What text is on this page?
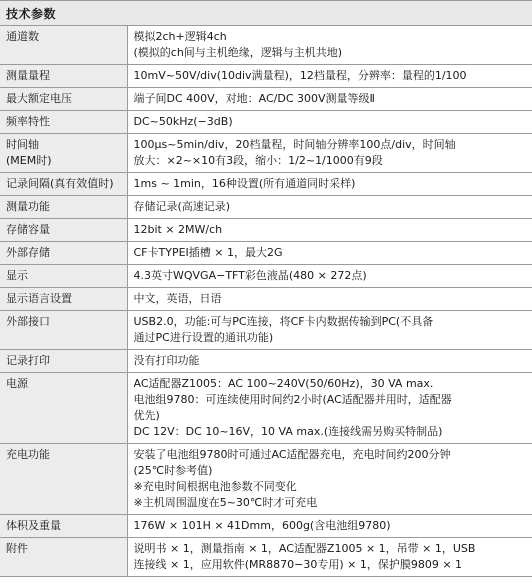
技术参数
通道数	模拟2ch+逻辑4ch
(模拟的ch间与主机绝缘，逻辑与主机共地)

测量量程	10mV~50V/div(10div满量程)，12档量程，分辨率：量程的1/100

最大额定电压	端子间DC 400V，对地：AC/DC 300V测量等级Ⅱ

频率特性	DC~50kHz(−3dB)

时间轴
(MEM时)	100μs~5min/div，20档量程，时间轴分辨率100点/div，时间轴
放大：×2~×10有3段，缩小：1/2~1/1000有9段

记录间隔(真有效值时)	1ms ~ 1min，16种设置(所有通道同时采样)

测量功能	存储记录(高速记录)

存储容量	12bit × 2MW/ch

外部存储	CF卡TYPEⅠ插槽 × 1，最大2G

显示	4.3英寸WQVGA−TFT彩色液晶(480 × 272点)

显示语言设置	中文，英语，日语

外部接口	USB2.0，功能:可与PC连接，将CF卡内数据传输到PC(不具备
通过PC进行设置的通讯功能)

记录打印	没有打印功能

电源	AC适配器Z1005：AC 100~240V(50/60Hz)，30 VA max.
电池组9780：可连续使用时间约2小时(AC适配器并用时，适配器
优先)
DC 12V：DC 10~16V，10 VA max.(连接线需另购买特制品)

充电功能	安装了电池组9780时可通过AC适配器充电，充电时间约200分钟
(25℃时参考值)
※充电时间根据电池参数不同变化
※主机周围温度在5~30℃时才可充电

体积及重量	176W × 101H × 41Dmm，600g(含电池组9780)

附件	说明书 × 1，测量指南 × 1，AC适配器Z1005 × 1，吊带 × 1，USB
连接线 × 1，应用软件(MR8870−30专用) × 1，保护膜9809 × 1
